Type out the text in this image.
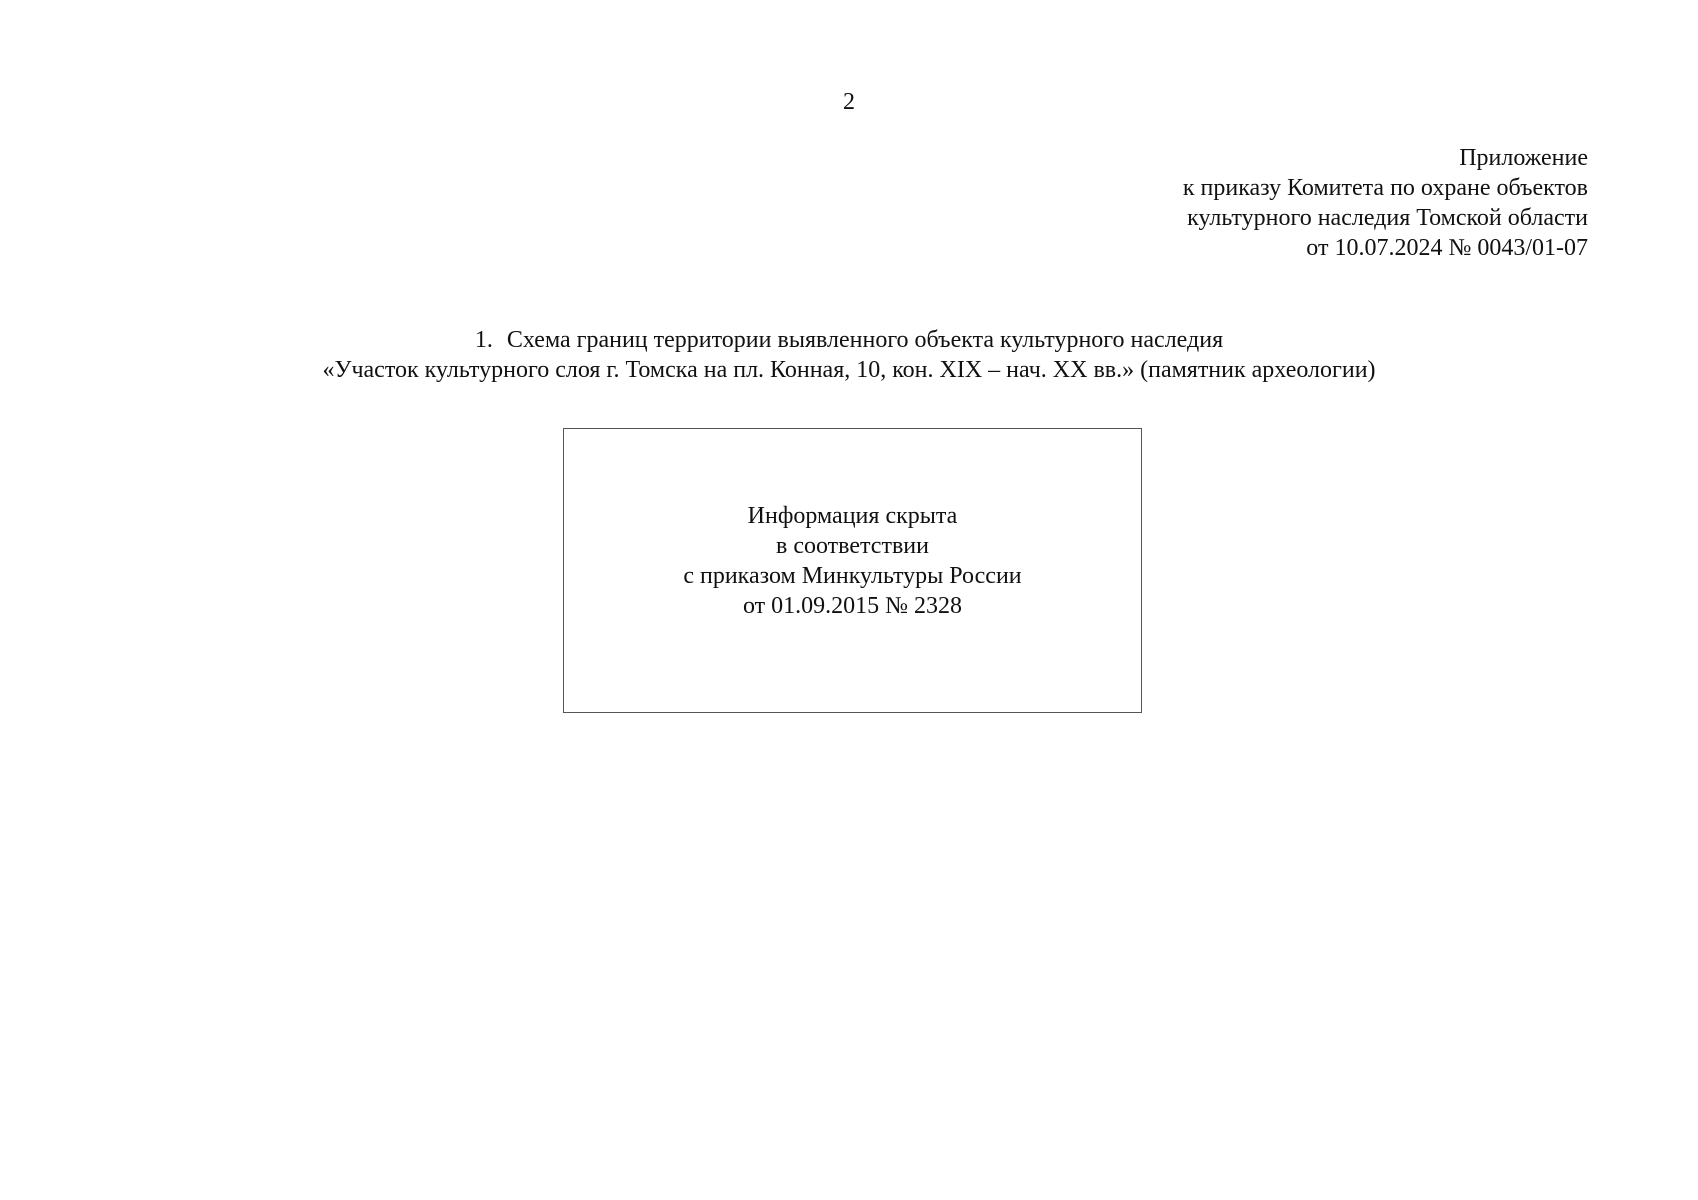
2
Приложение
к приказу Комитета по охране объектов
культурного наследия Томской области
от 10.07.2024 № 0043/01-07
1. Схема границ территории выявленного объекта культурного наследия
«Участок культурного слоя г. Томска на пл. Конная, 10, кон. XIX – нач. XX вв.» (памятник археологии)
Информация скрыта
в соответствии
с приказом Минкультуры России
от 01.09.2015 № 2328
